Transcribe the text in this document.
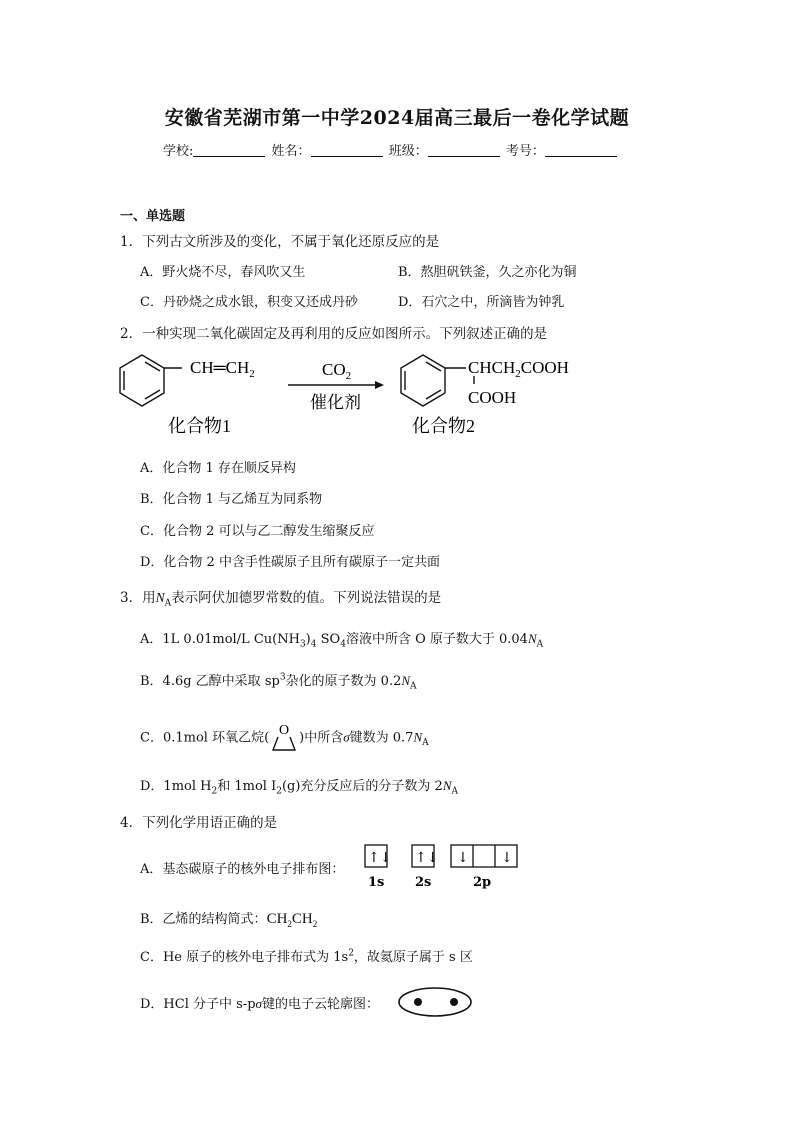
安徽省芜湖市第一中学2024届高三最后一卷化学试题
学校:	姓名：	班级：	考号：
一、单选题
1．下列古文所涉及的变化，不属于氧化还原反应的是
A．野火烧不尽，春风吹又生	B．熬胆矾铁釜，久之亦化为铜
C．丹砂烧之成水银，积变又还成丹砂	D．石穴之中，所滴皆为钟乳
2．一种实现二氧化碳固定及再利用的反应如图所示。下列叙述正确的是
$CH═CH_2$	$CO_2$
催化剂
$CHCH_2COOH$
COOH
化合物1	化合物2
A．化合物 1 存在顺反异构
B．化合物 1 与乙烯互为同系物
C．化合物 2 可以与乙二醇发生缩聚反应
D．化合物 2 中含手性碳原子且所有碳原子一定共面
3．用$N_A$表示阿伏加德罗常数的值。下列说法错误的是
A．1L 0.01mol/L $Cu(NH_3)_4$ $SO_4$溶液中所含 O 原子数大于 $0.04N_A$
B．4.6g 乙醇中采取 $sp^3$杂化的原子数为 $0.2N_A$
C．0.1mol 环氧乙烷( O )中所含σ键数为 $0.7N_A$
D．1mol $H_2$和 1mol $I_2(g)$充分反应后的分子数为 $2N_A$
4．下列化学用语正确的是
A．基态碳原子的核外电子排布图：
↑↓ ↑↓ ↓ ↓
1s 2s	2p
B．乙烯的结构简式：$CH_2CH_2$
C．He 原子的核外电子排布式为 $1s^2$，故氦原子属于 s 区
D．HCl 分子中 s-pσ键的电子云轮廓图：
